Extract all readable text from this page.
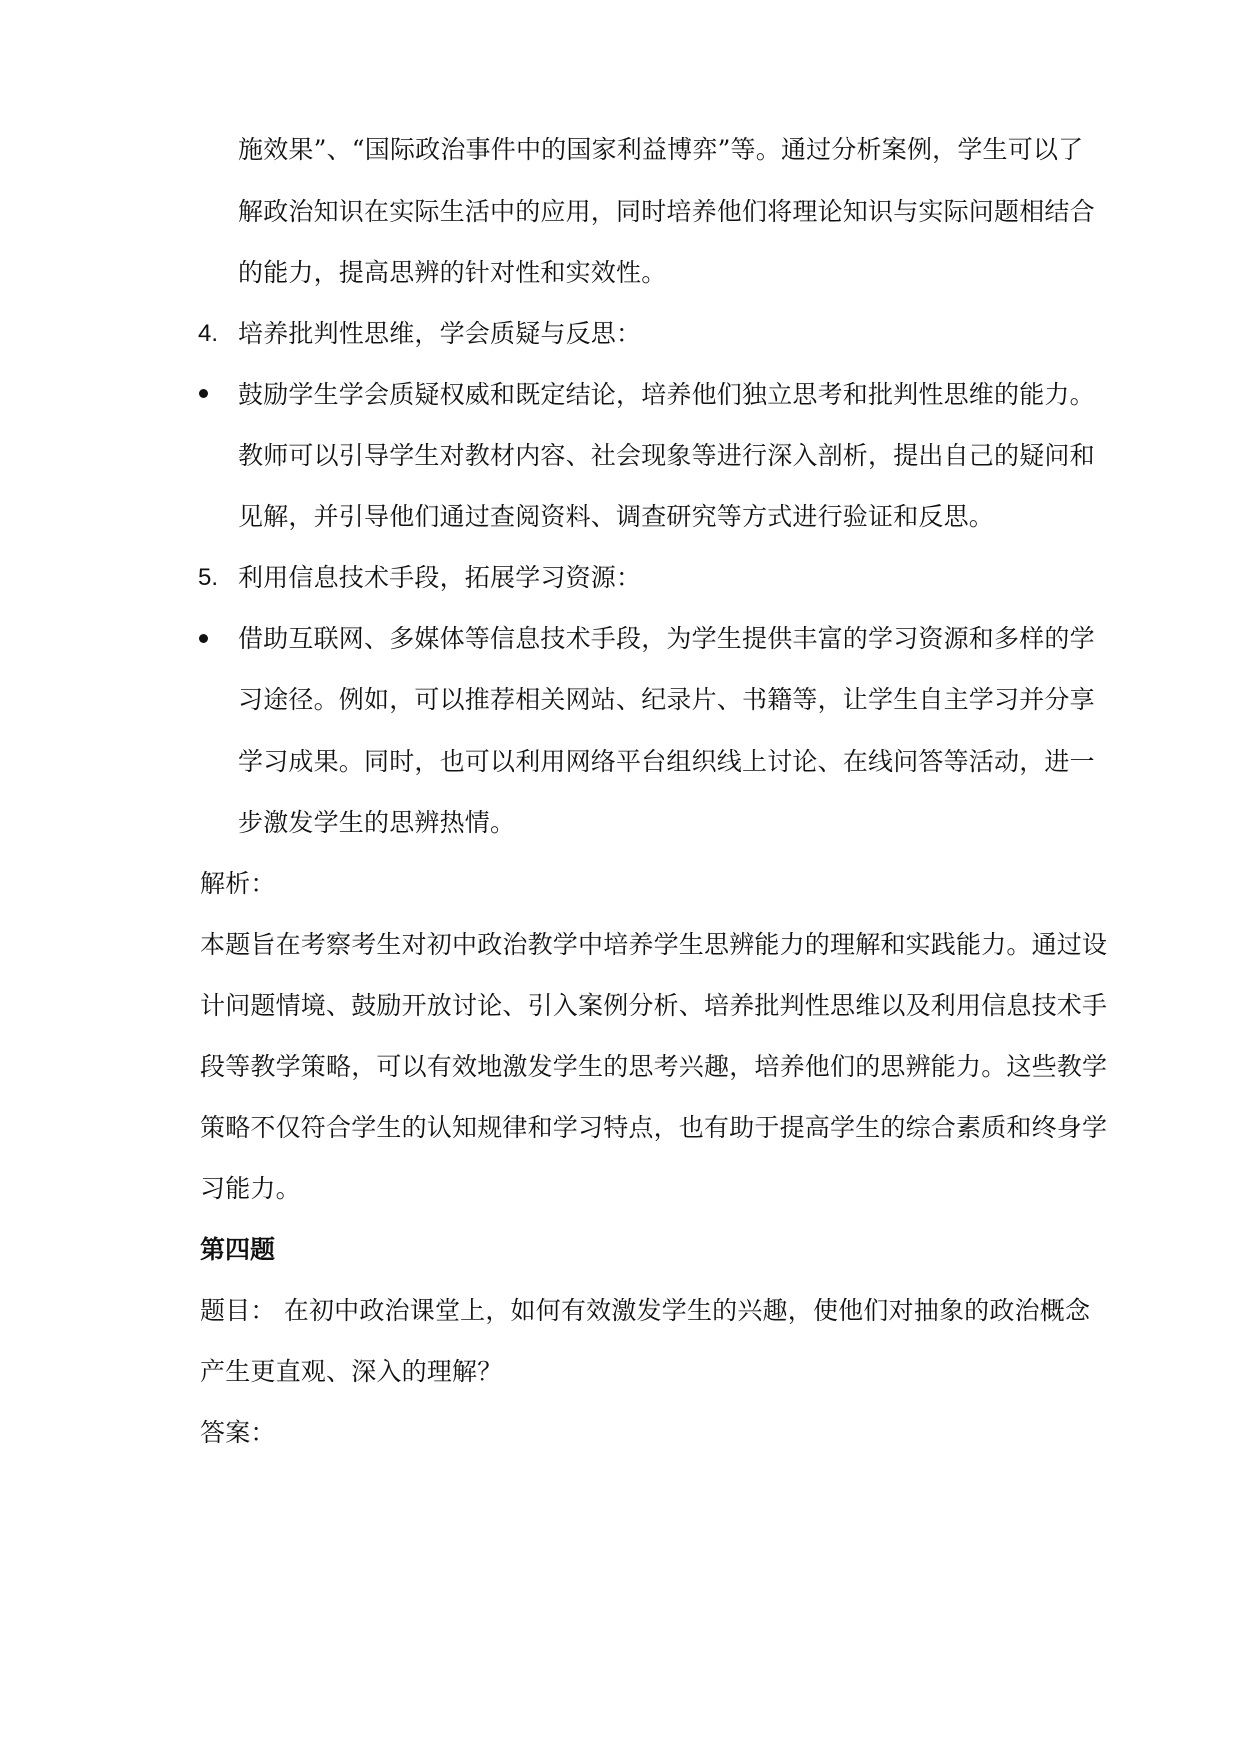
施效果”、“国际政治事件中的国家利益博弈”等。通过分析案例，学生可以了
解政治知识在实际生活中的应用，同时培养他们将理论知识与实际问题相结合
的能力，提高思辨的针对性和实效性。
4. 培养批判性思维，学会质疑与反思：
鼓励学生学会质疑权威和既定结论，培养他们独立思考和批判性思维的能力。
教师可以引导学生对教材内容、社会现象等进行深入剖析，提出自己的疑问和
见解，并引导他们通过查阅资料、调查研究等方式进行验证和反思。
5. 利用信息技术手段，拓展学习资源：
借助互联网、多媒体等信息技术手段，为学生提供丰富的学习资源和多样的学
习途径。例如，可以推荐相关网站、纪录片、书籍等，让学生自主学习并分享
学习成果。同时，也可以利用网络平台组织线上讨论、在线问答等活动，进一
步激发学生的思辨热情。
解析：
本题旨在考察考生对初中政治教学中培养学生思辨能力的理解和实践能力。通过设
计问题情境、鼓励开放讨论、引入案例分析、培养批判性思维以及利用信息技术手
段等教学策略，可以有效地激发学生的思考兴趣，培养他们的思辨能力。这些教学
策略不仅符合学生的认知规律和学习特点，也有助于提高学生的综合素质和终身学
习能力。
第四题
题目： 在初中政治课堂上，如何有效激发学生的兴趣，使他们对抽象的政治概念
产生更直观、深入的理解？
答案：
